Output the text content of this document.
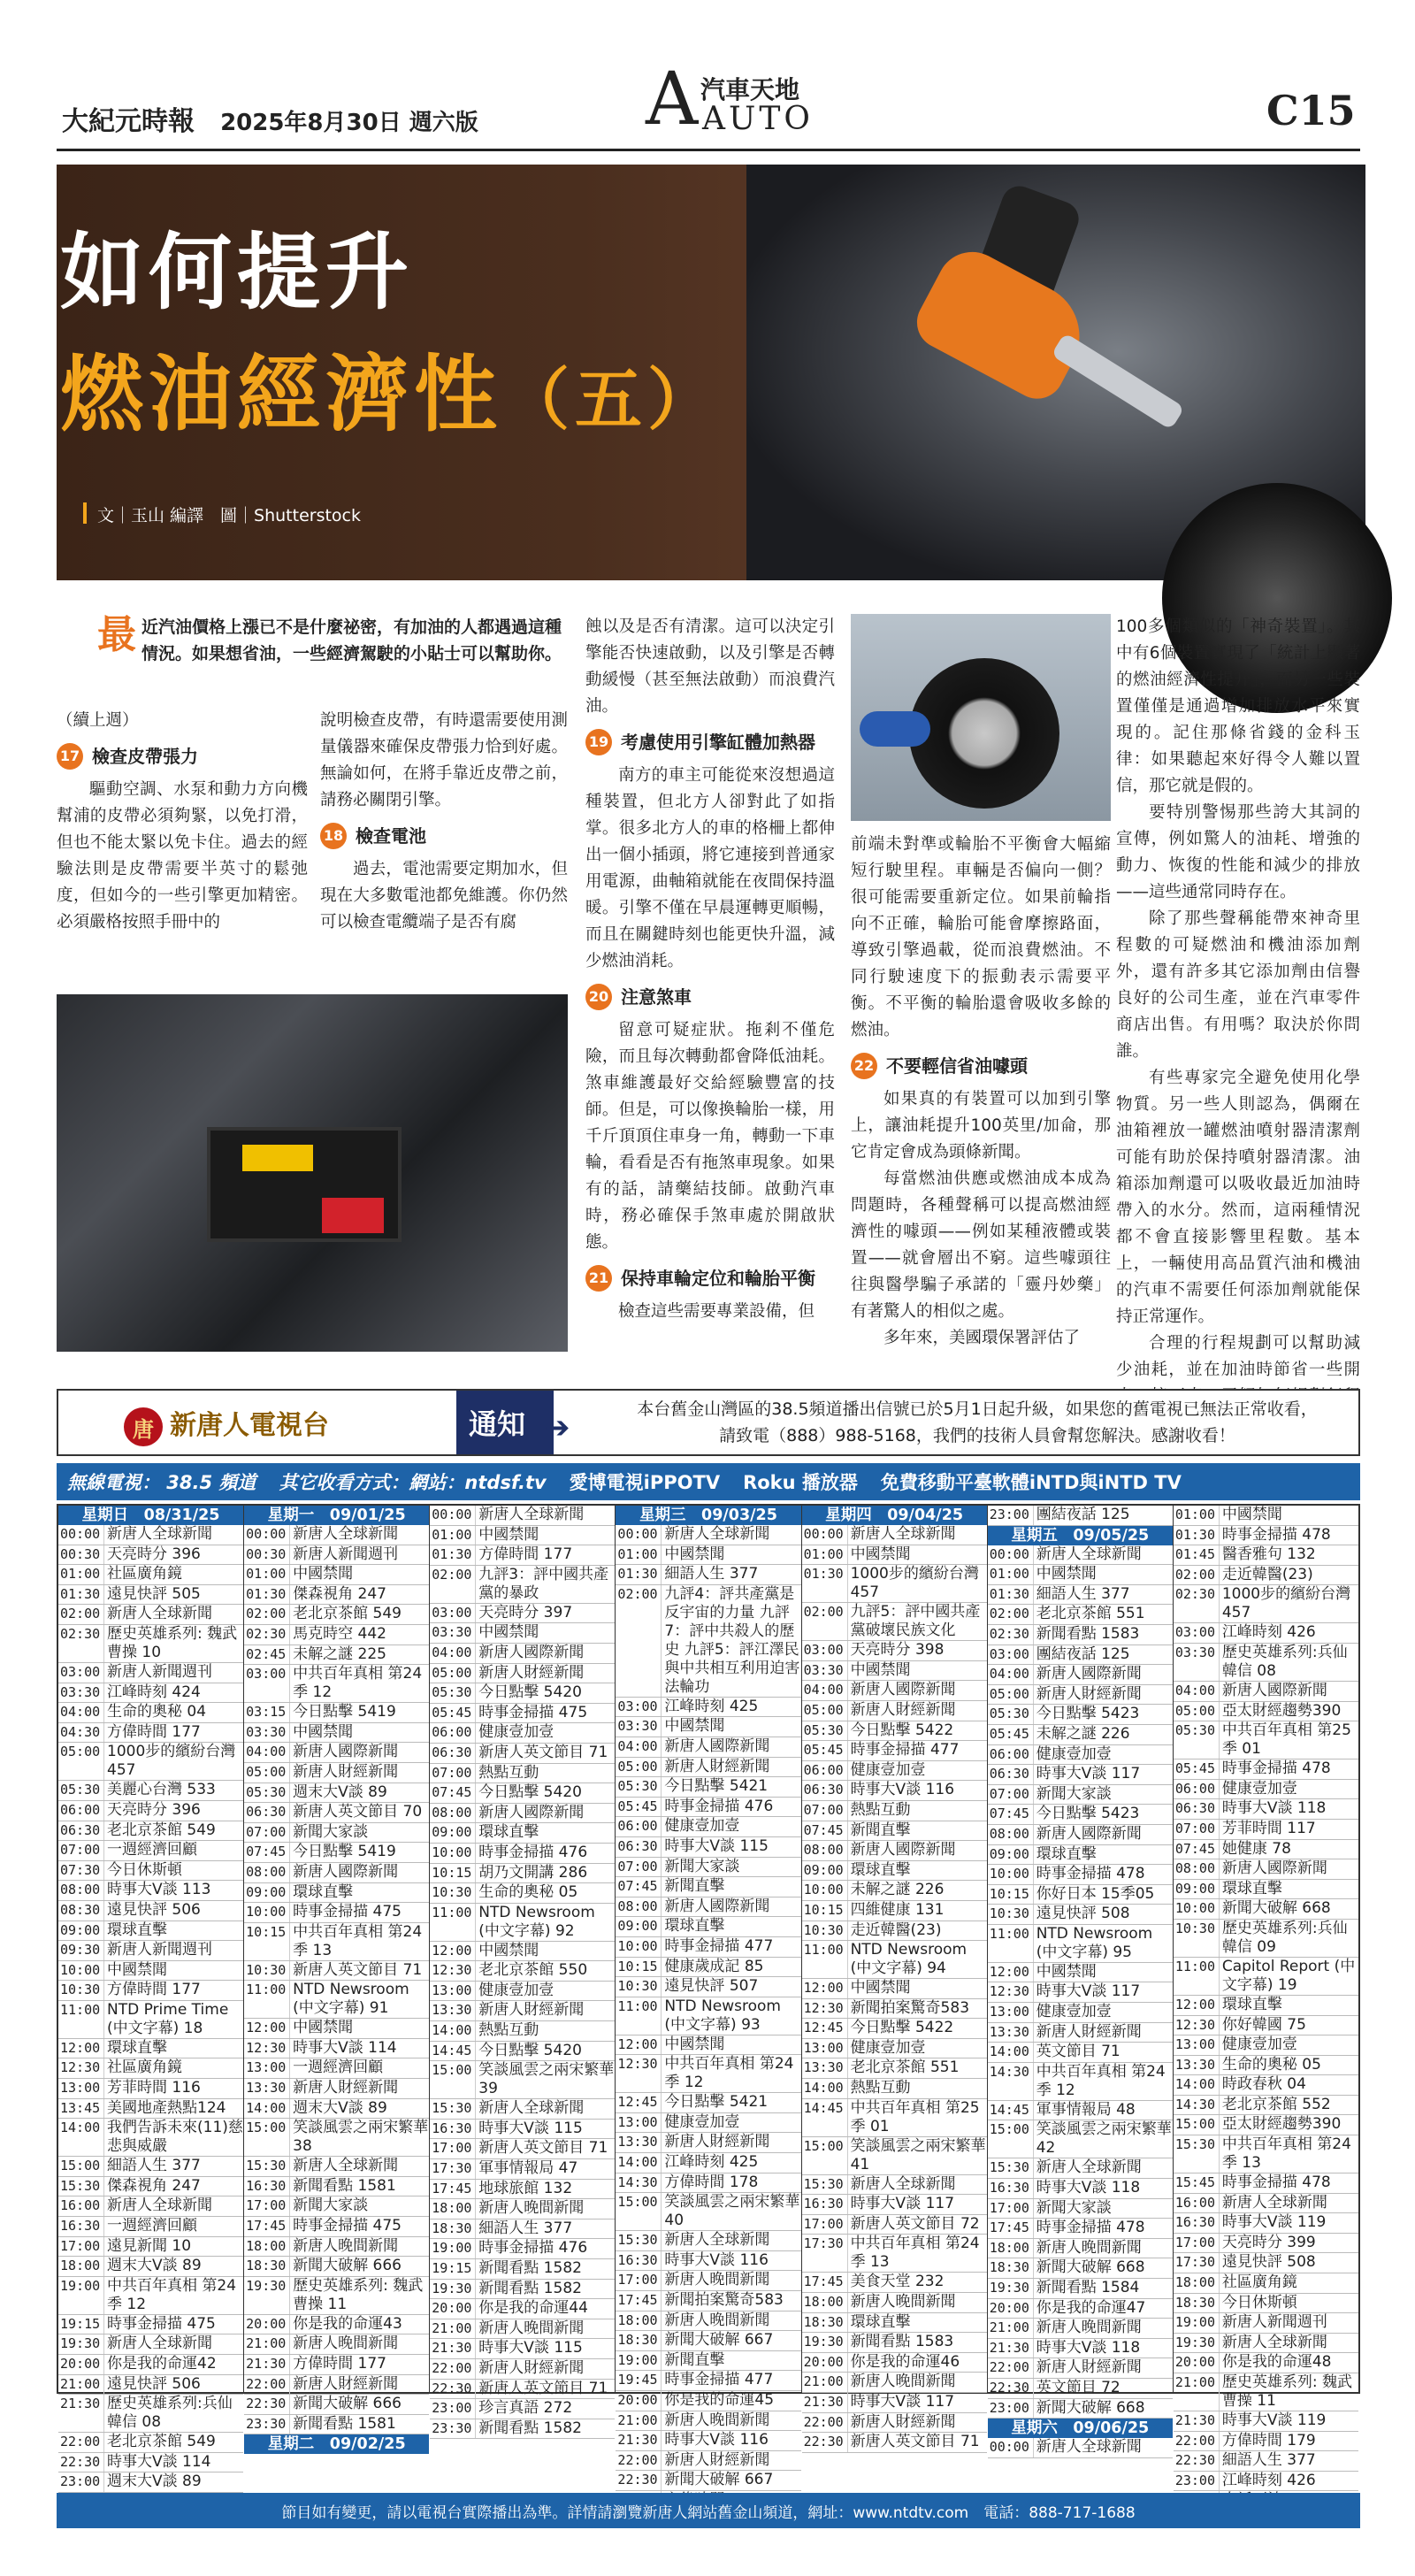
大紀元時報 2025年8月30日 週六版 A 汽車天地
AUTO	C15
如何提升
燃油經濟性（五）
文｜玉山 編譯　圖｜Shutterstock
最 近汽油價格上漲已不是什麼祕密，有加油的人都遇過這種情況。如果想省油，一些經濟駕駛的小貼士可以幫助你。
（續上週）
17 檢查皮帶張力

驅動空調、水泵和動力方向機幫浦的皮帶必須夠緊，以免打滑，但也不能太緊以免卡住。過去的經驗法則是皮帶需要半英寸的鬆弛度，但如今的一些引擎更加精密。必須嚴格按照手冊中的

說明檢查皮帶，有時還需要使用測量儀器來確保皮帶張力恰到好處。無論如何，在將手靠近皮帶之前，請務必關閉引擎。

18 檢查電池

過去，電池需要定期加水，但現在大多數電池都免維護。你仍然可以檢查電纜端子是否有腐

蝕以及是否有清潔。這可以決定引擎能否快速啟動，以及引擎是否轉動緩慢（甚至無法啟動）而浪費汽油。

19 考慮使用引擎缸體加熱器

南方的車主可能從來沒想過這種裝置，但北方人卻對此了如指掌。很多北方人的車的格柵上都伸出一個小插頭，將它連接到普通家用電源，曲軸箱就能在夜間保持溫暖。引擎不僅在早晨運轉更順暢，而且在關鍵時刻也能更快升溫，減少燃油消耗。

20 注意煞車

留意可疑症狀。拖剎不僅危險，而且每次轉動都會降低油耗。煞車維護最好交給經驗豐富的技師。但是，可以像換輪胎一樣，用千斤頂頂住車身一角，轉動一下車輪，看看是否有拖煞車現象。如果有的話，請藥結技師。啟動汽車時，務必確保手煞車處於開啟狀態。

21 保持車輪定位和輪胎平衡

檢查這些需要專業設備，但

前端未對準或輪胎不平衡會大幅縮短行駛里程。車輛是否偏向一側？很可能需要重新定位。如果前輪指向不正確，輪胎可能會摩擦路面，導致引擎過載，從而浪費燃油。不同行駛速度下的振動表示需要平衡。不平衡的輪胎還會吸收多餘的燃油。

22 不要輕信省油噱頭

如果真的有裝置可以加到引擎上，讓油耗提升100英里/加侖，那它肯定會成為頭條新聞。

每當燃油供應或燃油成本成為問題時，各種聲稱可以提高燃油經濟性的噱頭——例如某種液體或裝置——就會層出不窮。這些噱頭往往與醫學騙子承諾的「靈丹妙藥」有著驚人的相似之處。

多年來，美國環保署評估了

100多個類似的「神奇裝置」。其中有6個裝置實現了「統計上顯著的燃油經濟性提升」，而另一些裝置僅僅是通過增加排放水平來實現的。記住那條省錢的金科玉律：如果聽起來好得令人難以置信，那它就是假的。

要特別警惕那些誇大其詞的宣傳，例如驚人的油耗、增強的動力、恢復的性能和減少的排放——這些通常同時存在。

除了那些聲稱能帶來神奇里程數的可疑燃油和機油添加劑外，還有許多其它添加劑由信譽良好的公司生產，並在汽車零件商店出售。有用嗎？取決於你問誰。

有些專家完全避免使用化學物質。另一些人則認為，偶爾在油箱裡放一罐燃油噴射器清潔劑可能有助於保持噴射器清潔。油箱添加劑還可以吸收最近加油時帶入的水分。然而，這兩種情況都不會直接影響里程數。基本上，一輛使用高品質汽油和機油的汽車不需要任何添加劑就能保持正常運作。

合理的行程規劃可以幫助減少油耗，並在加油時節省一些開

唐 新唐人電視台	通知 ➔
本台舊金山灣區的38.5頻道播出信號已於5月1日起升級，如果您的舊電視已無法正常收看，
請致電（888）988-5168，我們的技術人員會幫您解決。感謝收看！
無線電視： 38.5 頻道 其它收看方式：網站：ntdsf.tv 愛博電視iPPOTV Roku 播放器 免費移動平臺軟體iNTD與iNTD TV
星期日　08/31/25
00:00 新唐人全球新聞
00:30 天亮時分 396
01:00 社區廣角鏡
01:30 遠見快評 505
02:00 新唐人全球新聞
02:30 歷史英雄系列: 魏武曹操 10
03:00 新唐人新聞週刊
03:30 江峰時刻 424
04:00 生命的奧秘 04
04:30 方偉時間 177
05:00 1000步的繽紛台灣 457
05:30 美麗心台灣 533
06:00 天亮時分 396
06:30 老北京茶館 549
07:00 一週經濟回顧
07:30 今日休斯頓
08:00 時事大V談 113
08:30 遠見快評 506
09:00 環球直擊
09:30 新唐人新聞週刊
10:00 中國禁聞
10:30 方偉時間 177
11:00 NTD Prime Time (中文字幕) 18
12:00 環球直擊
12:30 社區廣角鏡
13:00 芳菲時間 116
13:45 美國地產熱點124
14:00 我們告訴未來(11)慈悲與威嚴
15:00 細語人生 377
15:30 傑森視角 247
16:00 新唐人全球新聞
16:30 一週經濟回顧
17:00 遠見新聞 10
18:00 週末大V談 89
19:00 中共百年真相 第24季 12
19:15 時事金掃描 475
19:30 新唐人全球新聞
20:00 你是我的命運42
21:00 遠見快評 506
21:30 歷史英雄系列:兵仙韓信 08
22:00 老北京茶館 549
22:30 時事大V談 114
23:00 週末大V談 89
星期一　09/01/25
00:00 新唐人全球新聞
00:30 新唐人新聞週刊
01:00 中國禁聞
01:30 傑森視角 247
02:00 老北京茶館 549
02:30 馬克時空 442
02:45 未解之謎 225
03:00 中共百年真相 第24季 12
03:15 今日點擊 5419
03:30 中國禁聞
04:00 新唐人國際新聞
05:00 新唐人財經新聞
05:30 週末大V談 89
06:30 新唐人英文節目 70
07:00 新聞大家談
07:45 今日點擊 5419
08:00 新唐人國際新聞
09:00 環球直擊
10:00 時事金掃描 475
10:15 中共百年真相 第24季 13
10:30 新唐人英文節目 71
11:00 NTD Newsroom (中文字幕) 91
12:00 中國禁聞
12:30 時事大V談 114
13:00 一週經濟回顧
13:30 新唐人財經新聞
14:00 週末大V談 89
15:00 笑談風雲之兩宋繁華 38
15:30 新唐人全球新聞
16:30 新聞看點 1581
17:00 新聞大家談
17:45 時事金掃描 475
18:00 新唐人晚間新聞
18:30 新聞大破解 666
19:30 歷史英雄系列: 魏武曹操 11
20:00 你是我的命運43
21:00 新唐人晚間新聞
21:30 方偉時間 177
22:00 新唐人財經新聞
22:30 新聞大破解 666
23:30 新聞看點 1581
星期二　09/02/25
00:00 新唐人全球新聞
01:00 中國禁聞
01:30 方偉時間 177
02:00 九評3：評中國共產黨的暴政
03:00 天亮時分 397
03:30 中國禁聞
04:00 新唐人國際新聞
05:00 新唐人財經新聞
05:30 今日點擊 5420
05:45 時事金掃描 475
06:00 健康壹加壹
06:30 新唐人英文節目 71
07:00 熱點互動
07:45 今日點擊 5420
08:00 新唐人國際新聞
09:00 環球直擊
10:00 時事金掃描 476
10:15 胡乃文開講 286
10:30 生命的奧秘 05
11:00 NTD Newsroom (中文字幕) 92
12:00 中國禁聞
12:30 老北京茶館 550
13:00 健康壹加壹
13:30 新唐人財經新聞
14:00 熱點互動
14:45 今日點擊 5420
15:00 笑談風雲之兩宋繁華 39
15:30 新唐人全球新聞
16:30 時事大V談 115
17:00 新唐人英文節目 71
17:30 軍事情報局 47
17:45 地球旅館 132
18:00 新唐人晚間新聞
18:30 細語人生 377
19:00 時事金掃描 476
19:15 新聞看點 1582
19:30 新聞看點 1582
20:00 你是我的命運44
21:00 新唐人晚間新聞
21:30 時事大V談 115
22:00 新唐人財經新聞
22:30 新唐人英文節目 71
23:00 珍言真語 272
23:30 新聞看點 1582
星期三　09/03/25
00:00 新唐人全球新聞
01:00 中國禁聞
01:30 細語人生 377
02:00 九評4：評共產黨是反宇宙的力量 九評7：評中共殺人的歷史 九評5：評江澤民與中共相互利用迫害法輪功
03:00 江峰時刻 425
03:30 中國禁聞
04:00 新唐人國際新聞
05:00 新唐人財經新聞
05:30 今日點擊 5421
05:45 時事金掃描 476
06:00 健康壹加壹
06:30 時事大V談 115
07:00 新聞大家談
07:45 新聞直擊
08:00 新唐人國際新聞
09:00 環球直擊
10:00 時事金掃描 477
10:15 健康歲成記 85
10:30 遠見快評 507
11:00 NTD Newsroom (中文字幕) 93
12:00 中國禁聞
12:30 中共百年真相 第24季 12
12:45 今日點擊 5421
13:00 健康壹加壹
13:30 新唐人財經新聞
14:00 江峰時刻 425
14:30 方偉時間 178
15:00 笑談風雲之兩宋繁華 40
15:30 新唐人全球新聞
16:30 時事大V談 116
17:00 新唐人晚間新聞
17:45 新聞拍案驚奇583
18:00 新唐人晚間新聞
18:30 新聞大破解 667
19:00 新聞直擊
19:45 時事金掃描 477
20:00 你是我的命運45
21:00 新唐人晚間新聞
21:30 時事大V談 116
22:00 新唐人財經新聞
22:30 新聞大破解 667
星期四　09/04/25
00:00 新唐人全球新聞
01:00 中國禁聞
01:30 1000步的繽紛台灣 457
02:00 九評5：評中國共產黨破壞民族文化
03:00 天亮時分 398
03:30 中國禁聞
04:00 新唐人國際新聞
05:00 新唐人財經新聞
05:30 今日點擊 5422
05:45 時事金掃描 477
06:00 健康壹加壹
06:30 時事大V談 116
07:00 熱點互動
07:45 新聞直擊
08:00 新唐人國際新聞
09:00 環球直擊
10:00 未解之謎 226
10:15 四維健康 131
10:30 走近韓醫(23)
11:00 NTD Newsroom (中文字幕) 94
12:00 中國禁聞
12:30 新聞拍案驚奇583
12:45 今日點擊 5422
13:00 健康壹加壹
13:30 老北京茶館 551
14:00 熱點互動
14:45 中共百年真相 第25季 01
15:00 笑談風雲之兩宋繁華 41
15:30 新唐人全球新聞
16:30 時事大V談 117
17:00 新唐人英文節目 72
17:30 中共百年真相 第24季 13
17:45 美食天堂 232
18:00 新唐人晚間新聞
18:30 環球直擊
19:30 新聞看點 1583
20:00 你是我的命運46
21:00 新唐人晚間新聞
21:30 時事大V談 117
22:00 新唐人財經新聞
22:30 新唐人英文節目 71
23:00 團結夜話 125
星期五　09/05/25
00:00 新唐人全球新聞
01:00 中國禁聞
01:30 細語人生 377
02:00 老北京茶館 551
02:30 新聞看點 1583
03:00 團結夜話 125
04:00 新唐人國際新聞
05:00 新唐人財經新聞
05:30 今日點擊 5423
05:45 未解之謎 226
06:00 健康壹加壹
06:30 時事大V談 117
07:00 新聞大家談
07:45 今日點擊 5423
08:00 新唐人國際新聞
09:00 環球直擊
10:00 時事金掃描 478
10:15 你好日本 15季05
10:30 遠見快評 508
11:00 NTD Newsroom (中文字幕) 95
12:00 中國禁聞
12:30 時事大V談 117
13:00 健康壹加壹
13:30 新唐人財經新聞
14:00 英文節目 71
14:30 中共百年真相 第24季 12
14:45 軍事情報局 48
15:00 笑談風雲之兩宋繁華 42
15:30 新唐人全球新聞
16:30 時事大V談 118
17:00 新聞大家談
17:45 時事金掃描 478
18:00 新唐人晚間新聞
18:30 新聞大破解 668
19:30 新聞看點 1584
20:00 你是我的命運47
21:00 新唐人晚間新聞
21:30 時事大V談 118
22:00 新唐人財經新聞
22:30 英文節目 72
23:00 新聞大破解 668
星期六　09/06/25
00:00 新唐人全球新聞
01:00 中國禁聞
01:30 時事金掃描 478
01:45 醫香雅句 132
02:00 走近韓醫(23)
02:30 1000步的繽紛台灣 457
03:00 江峰時刻 426
03:30 歷史英雄系列:兵仙韓信 08
04:00 新唐人國際新聞
05:00 亞太財經趨勢390
05:30 中共百年真相 第25季 01
05:45 時事金掃描 478
06:00 健康壹加壹
06:30 時事大V談 118
07:00 芳菲時間 117
07:45 她健康 78
08:00 新唐人國際新聞
09:00 環球直擊
10:00 新聞大破解 668
10:30 歷史英雄系列:兵仙韓信 09
11:00 Capitol Report (中文字幕) 19
12:00 環球直擊
12:30 你好韓國 75
13:00 健康壹加壹
13:30 生命的奧秘 05
14:00 時政春秋 04
14:30 老北京茶館 552
15:00 亞太財經趨勢390
15:30 中共百年真相 第24季 13
15:45 時事金掃描 478
16:00 新唐人全球新聞
16:30 時事大V談 119
17:00 天亮時分 399
17:30 遠見快評 508
18:00 社區廣角鏡
18:30 今日休斯頓
19:00 新唐人新聞週刊
19:30 新唐人全球新聞
20:00 你是我的命運48
21:00 歷史英雄系列: 魏武曹操 11
21:30 時事大V談 119
22:00 方偉時間 179
22:30 細語人生 377
23:00 江峰時刻 426
節目如有變更，請以電視台實際播出為準。詳情請瀏覽新唐人網站舊金山頻道，網址：www.ntdtv.com　電話：888-717-1688
